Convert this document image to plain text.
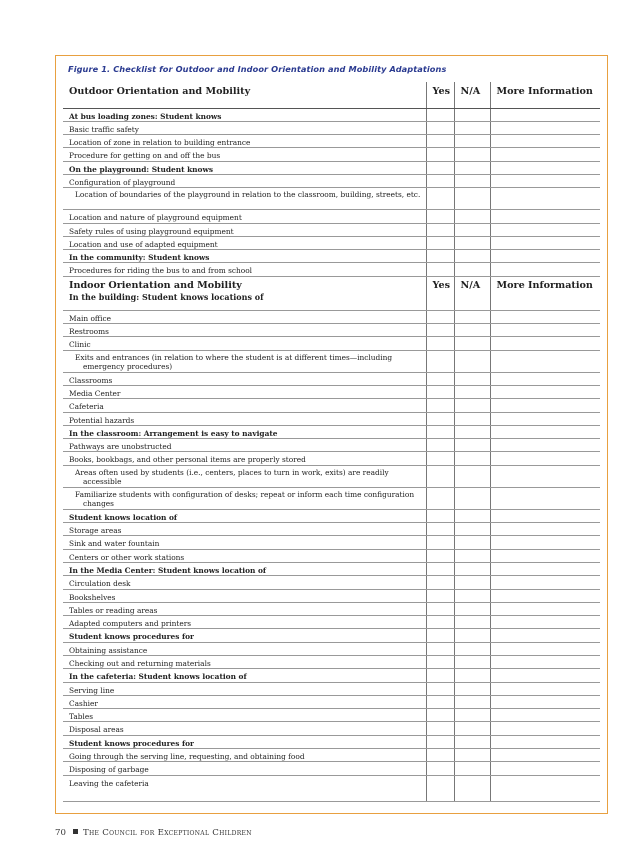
Figure 1. Checklist for Outdoor and Indoor Orientation and Mobility Adaptations
Outdoor Orientation and Mobility	Yes	N/A	More Information
At bus loading zones: Student knows			
Basic traffic safety			
Location of zone in relation to building entrance			
Procedure for getting on and off the bus			
On the playground: Student knows			
Configuration of playground			

Location of boundaries of the playground in relation to the classroom, building, streets, etc.			

Location and nature of playground equipment			
Safety rules of using playground equipment			
Location and use of adapted equipment			
In the community: Student knows			
Procedures for riding the bus to and from school			
Indoor Orientation and Mobility
In the building: Student knows locations of	Yes	N/A	More Information
Main office			
Restrooms			
Clinic			

Exits and entrances (in relation to where the student is at different times—including emergency procedures)			

Classrooms			
Media Center			
Cafeteria			
Potential hazards			
In the classroom: Arrangement is easy to navigate			
Pathways are unobstructed			
Books, bookbags, and other personal items are properly stored			

Areas often used by students (i.e., centers, places to turn in work, exits) are readily accessible			

Familiarize students with configuration of desks; repeat or inform each time configuration changes			

Student knows location of			
Storage areas			
Sink and water fountain			
Centers or other work stations			
In the Media Center: Student knows location of			
Circulation desk			
Bookshelves			
Tables or reading areas			
Adapted computers and printers			
Student knows procedures for			
Obtaining assistance			
Checking out and returning materials			
In the cafeteria: Student knows location of			
Serving line			
Cashier			
Tables			
Disposal areas			
Student knows procedures for			
Going through the serving line, requesting, and obtaining food			
Disposing of garbage			
Leaving the cafeteria			
70 The Council for Exceptional Children
